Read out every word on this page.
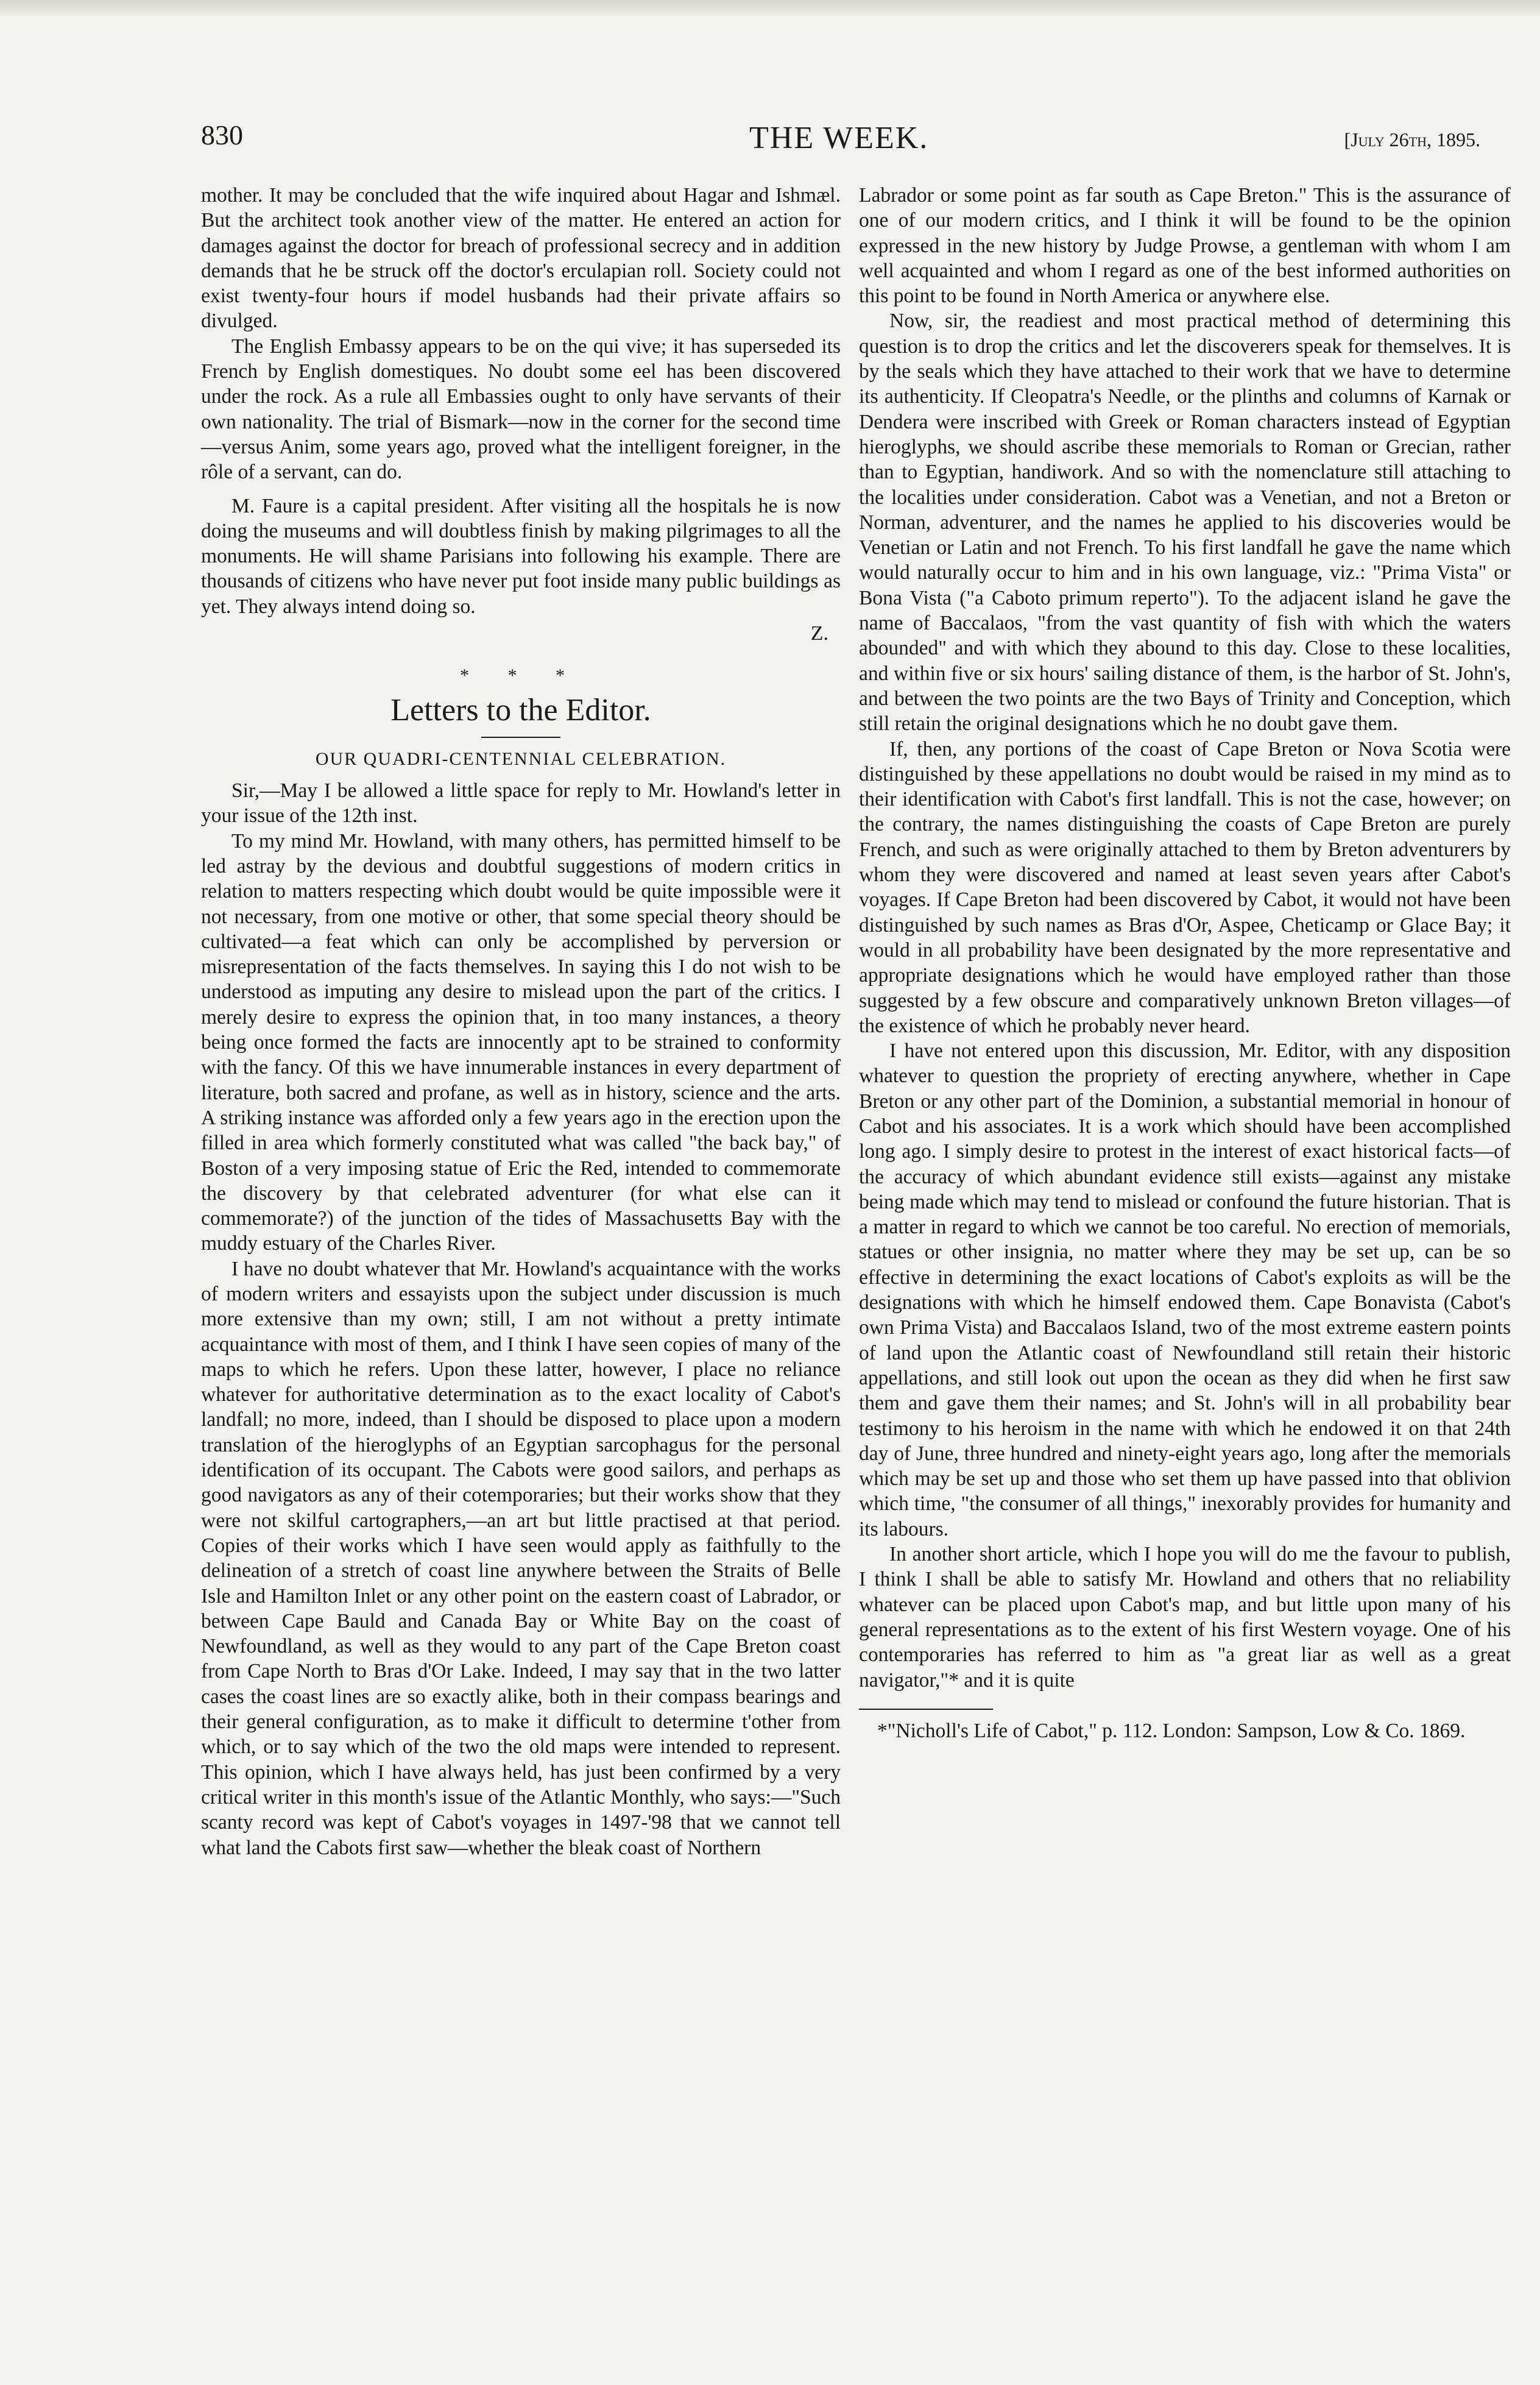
830	THE WEEK.	[July 26th, 1895.

mother. It may be concluded that the wife inquired about Hagar and Ishmæl. But the architect took another view of the matter. He entered an action for damages against the doctor for breach of professional secrecy and in addition demands that he be struck off the doctor's erculapian roll. Society could not exist twenty-four hours if model husbands had their private affairs so divulged.

The English Embassy appears to be on the qui vive; it has superseded its French by English domestiques. No doubt some eel has been discovered under the rock. As a rule all Embassies ought to only have servants of their own nationality. The trial of Bismark—now in the corner for the second time—versus Anim, some years ago, proved what the intelligent foreigner, in the rôle of a servant, can do.

M. Faure is a capital president. After visiting all the hospitals he is now doing the museums and will doubtless finish by making pilgrimages to all the monuments. He will shame Parisians into following his example. There are thousands of citizens who have never put foot inside many public buildings as yet. They always intend doing so.

Z.
* * *
Letters to the Editor.
OUR QUADRI-CENTENNIAL CELEBRATION.

Sir,—May I be allowed a little space for reply to Mr. Howland's letter in your issue of the 12th inst.

To my mind Mr. Howland, with many others, has permitted himself to be led astray by the devious and doubtful suggestions of modern critics in relation to matters respecting which doubt would be quite impossible were it not necessary, from one motive or other, that some special theory should be cultivated—a feat which can only be accomplished by perversion or misrepresentation of the facts themselves. In saying this I do not wish to be understood as imputing any desire to mislead upon the part of the critics. I merely desire to express the opinion that, in too many instances, a theory being once formed the facts are innocently apt to be strained to conformity with the fancy. Of this we have innumerable instances in every department of literature, both sacred and profane, as well as in history, science and the arts. A striking instance was afforded only a few years ago in the erection upon the filled in area which formerly constituted what was called "the back bay," of Boston of a very imposing statue of Eric the Red, intended to commemorate the discovery by that celebrated adventurer (for what else can it commemorate?) of the junction of the tides of Massachusetts Bay with the muddy estuary of the Charles River.

I have no doubt whatever that Mr. Howland's acquaintance with the works of modern writers and essayists upon the subject under discussion is much more extensive than my own; still, I am not without a pretty intimate acquaintance with most of them, and I think I have seen copies of many of the maps to which he refers. Upon these latter, however, I place no reliance whatever for authoritative determination as to the exact locality of Cabot's landfall; no more, indeed, than I should be disposed to place upon a modern translation of the hieroglyphs of an Egyptian sarcophagus for the personal identification of its occupant. The Cabots were good sailors, and perhaps as good navigators as any of their cotemporaries; but their works show that they were not skilful cartographers,—an art but little practised at that period. Copies of their works which I have seen would apply as faithfully to the delineation of a stretch of coast line anywhere between the Straits of Belle Isle and Hamilton Inlet or any other point on the eastern coast of Labrador, or between Cape Bauld and Canada Bay or White Bay on the coast of Newfoundland, as well as they would to any part of the Cape Breton coast from Cape North to Bras d'Or Lake. Indeed, I may say that in the two latter cases the coast lines are so exactly alike, both in their compass bearings and their general configuration, as to make it difficult to determine t'other from which, or to say which of the two the old maps were intended to represent. This opinion, which I have always held, has just been confirmed by a very critical writer in this month's issue of the Atlantic Monthly, who says:—"Such scanty record was kept of Cabot's voyages in 1497-'98 that we cannot tell what land the Cabots first saw—whether the bleak coast of Northern

Labrador or some point as far south as Cape Breton." This is the assurance of one of our modern critics, and I think it will be found to be the opinion expressed in the new history by Judge Prowse, a gentleman with whom I am well acquainted and whom I regard as one of the best informed authorities on this point to be found in North America or anywhere else.

Now, sir, the readiest and most practical method of determining this question is to drop the critics and let the discoverers speak for themselves. It is by the seals which they have attached to their work that we have to determine its authenticity. If Cleopatra's Needle, or the plinths and columns of Karnak or Dendera were inscribed with Greek or Roman characters instead of Egyptian hieroglyphs, we should ascribe these memorials to Roman or Grecian, rather than to Egyptian, handiwork. And so with the nomenclature still attaching to the localities under consideration. Cabot was a Venetian, and not a Breton or Norman, adventurer, and the names he applied to his discoveries would be Venetian or Latin and not French. To his first landfall he gave the name which would naturally occur to him and in his own language, viz.: "Prima Vista" or Bona Vista ("a Caboto primum reperto"). To the adjacent island he gave the name of Baccalaos, "from the vast quantity of fish with which the waters abounded" and with which they abound to this day. Close to these localities, and within five or six hours' sailing distance of them, is the harbor of St. John's, and between the two points are the two Bays of Trinity and Conception, which still retain the original designations which he no doubt gave them.

If, then, any portions of the coast of Cape Breton or Nova Scotia were distinguished by these appellations no doubt would be raised in my mind as to their identification with Cabot's first landfall. This is not the case, however; on the contrary, the names distinguishing the coasts of Cape Breton are purely French, and such as were originally attached to them by Breton adventurers by whom they were discovered and named at least seven years after Cabot's voyages. If Cape Breton had been discovered by Cabot, it would not have been distinguished by such names as Bras d'Or, Aspee, Cheticamp or Glace Bay; it would in all probability have been designated by the more representative and appropriate designations which he would have employed rather than those suggested by a few obscure and comparatively unknown Breton villages—of the existence of which he probably never heard.

I have not entered upon this discussion, Mr. Editor, with any disposition whatever to question the propriety of erecting anywhere, whether in Cape Breton or any other part of the Dominion, a substantial memorial in honour of Cabot and his associates. It is a work which should have been accomplished long ago. I simply desire to protest in the interest of exact historical facts—of the accuracy of which abundant evidence still exists—against any mistake being made which may tend to mislead or confound the future historian. That is a matter in regard to which we cannot be too careful. No erection of memorials, statues or other insignia, no matter where they may be set up, can be so effective in determining the exact locations of Cabot's exploits as will be the designations with which he himself endowed them. Cape Bonavista (Cabot's own Prima Vista) and Baccalaos Island, two of the most extreme eastern points of land upon the Atlantic coast of Newfoundland still retain their historic appellations, and still look out upon the ocean as they did when he first saw them and gave them their names; and St. John's will in all probability bear testimony to his heroism in the name with which he endowed it on that 24th day of June, three hundred and ninety-eight years ago, long after the memorials which may be set up and those who set them up have passed into that oblivion which time, "the consumer of all things," inexorably provides for humanity and its labours.

In another short article, which I hope you will do me the favour to publish, I think I shall be able to satisfy Mr. Howland and others that no reliability whatever can be placed upon Cabot's map, and but little upon many of his general representations as to the extent of his first Western voyage. One of his contemporaries has referred to him as "a great liar as well as a great navigator,"* and it is quite

*"Nicholl's Life of Cabot," p. 112. London: Sampson, Low & Co. 1869.
